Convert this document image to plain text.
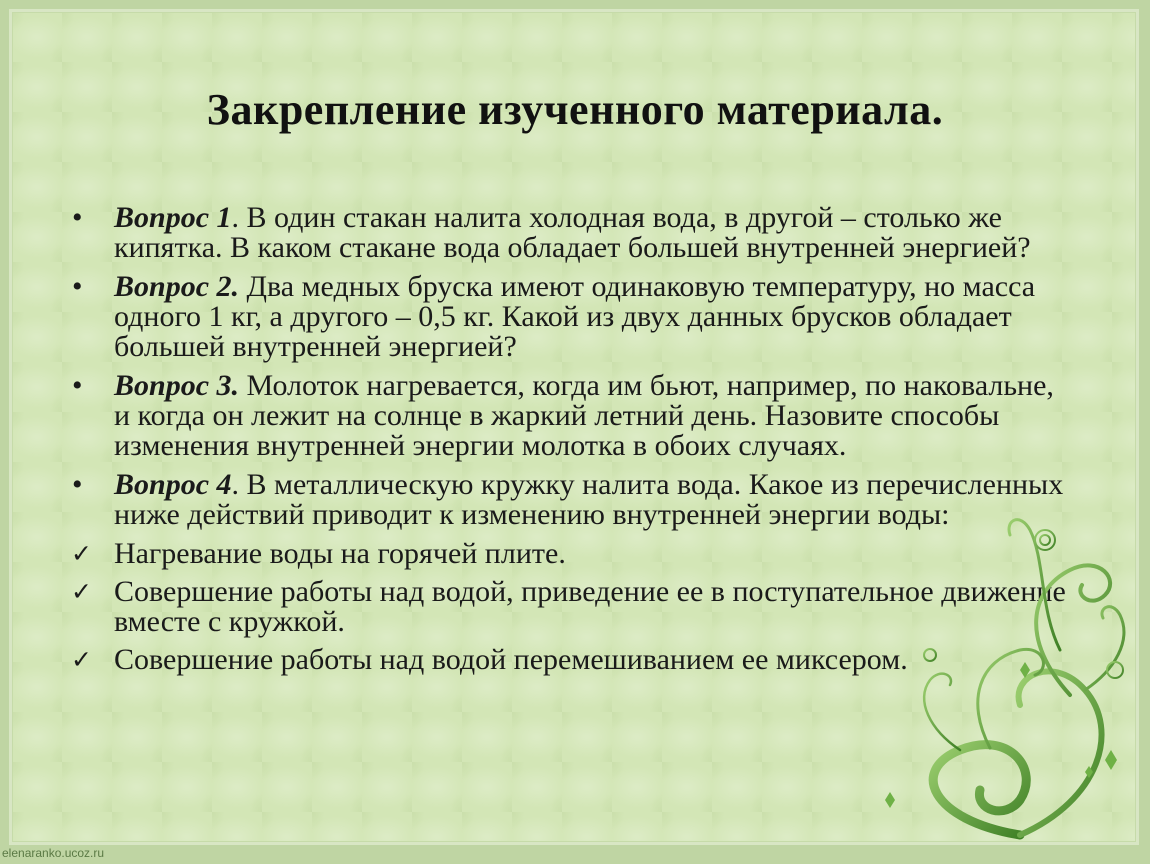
Закрепление изученного материала.
•	Вопрос 1. В один стакан налита холодная вода, в другой – столько же кипятка. В каком стакане вода обладает большей внутренней энергией?
•	Вопрос 2. Два медных бруска имеют одинаковую температуру, но масса одного 1 кг, а другого – 0,5 кг. Какой из двух данных брусков обладает большей внутренней энергией?
•	Вопрос 3. Молоток нагревается, когда им бьют, например, по наковальне, и когда он лежит на солнце в жаркий летний день. Назовите способы изменения внутренней энергии молотка в обоих случаях.
•	Вопрос 4. В металлическую кружку налита вода. Какое из перечисленных ниже действий приводит к изменению внутренней энергии воды:
✓ Нагревание воды на горячей плите.
✓ Совершение работы над водой, приведение ее в поступательное движение вместе с кружкой.
✓ Совершение работы над водой перемешиванием ее миксером.
elenaranko.ucoz.ru
